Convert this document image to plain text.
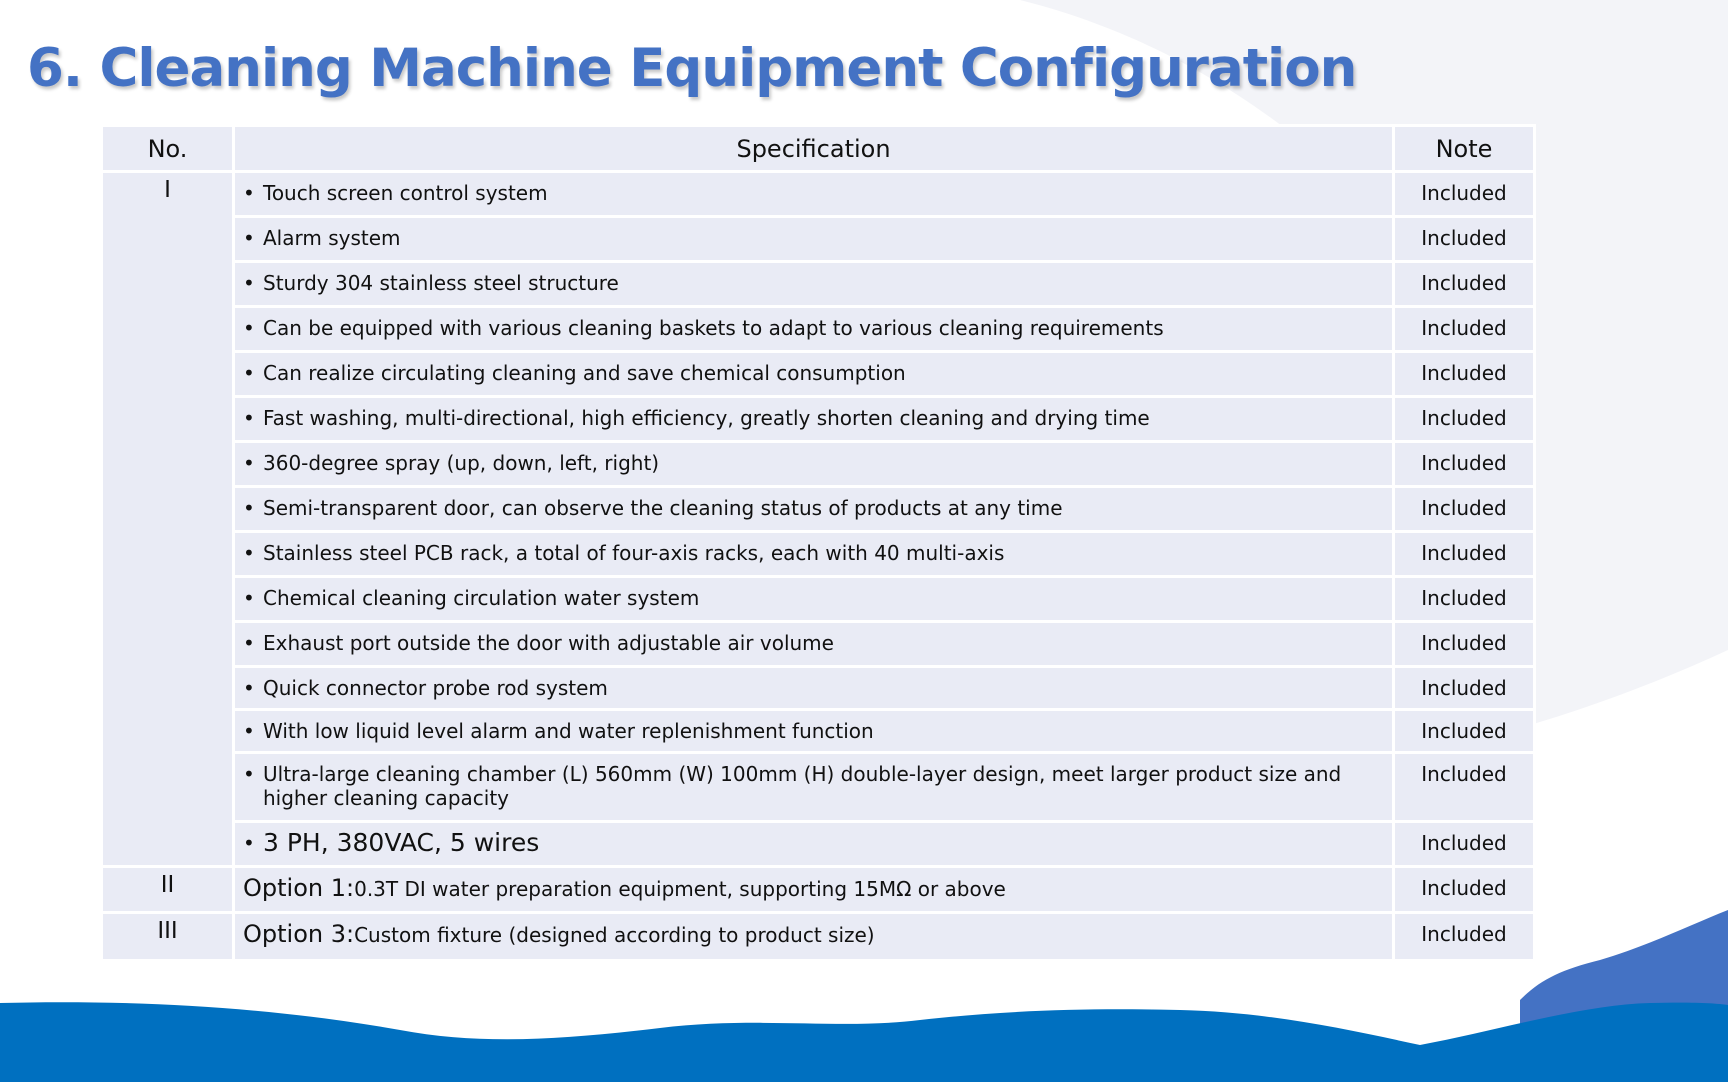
6. Cleaning Machine Equipment Configuration
No.	Specification	Note
I	• Touch screen control system	Included

	• Alarm system	Included

	• Sturdy 304 stainless steel structure	Included

	• Can be equipped with various cleaning baskets to adapt to various cleaning requirements	Included

	• Can realize circulating cleaning and save chemical consumption	Included

	• Fast washing, multi-directional, high efficiency, greatly shorten cleaning and drying time	Included

	• 360-degree spray (up, down, left, right)	Included

	• Semi-transparent door, can observe the cleaning status of products at any time	Included

	• Stainless steel PCB rack, a total of four-axis racks, each with 40 multi-axis	Included

	• Chemical cleaning circulation water system	Included

	• Exhaust port outside the door with adjustable air volume	Included

	• Quick connector probe rod system	Included

	• With low liquid level alarm and water replenishment function	Included

	• Ultra-large cleaning chamber (L) 560mm (W) 100mm (H) double-layer design, meet larger product size and higher cleaning capacity	Included

	• 3 PH, 380VAC, 5 wires	Included
II	Option 1:0.3T DI water preparation equipment, supporting 15MΩ or above	Included
III	Option 3:Custom fixture (designed according to product size)	Included
